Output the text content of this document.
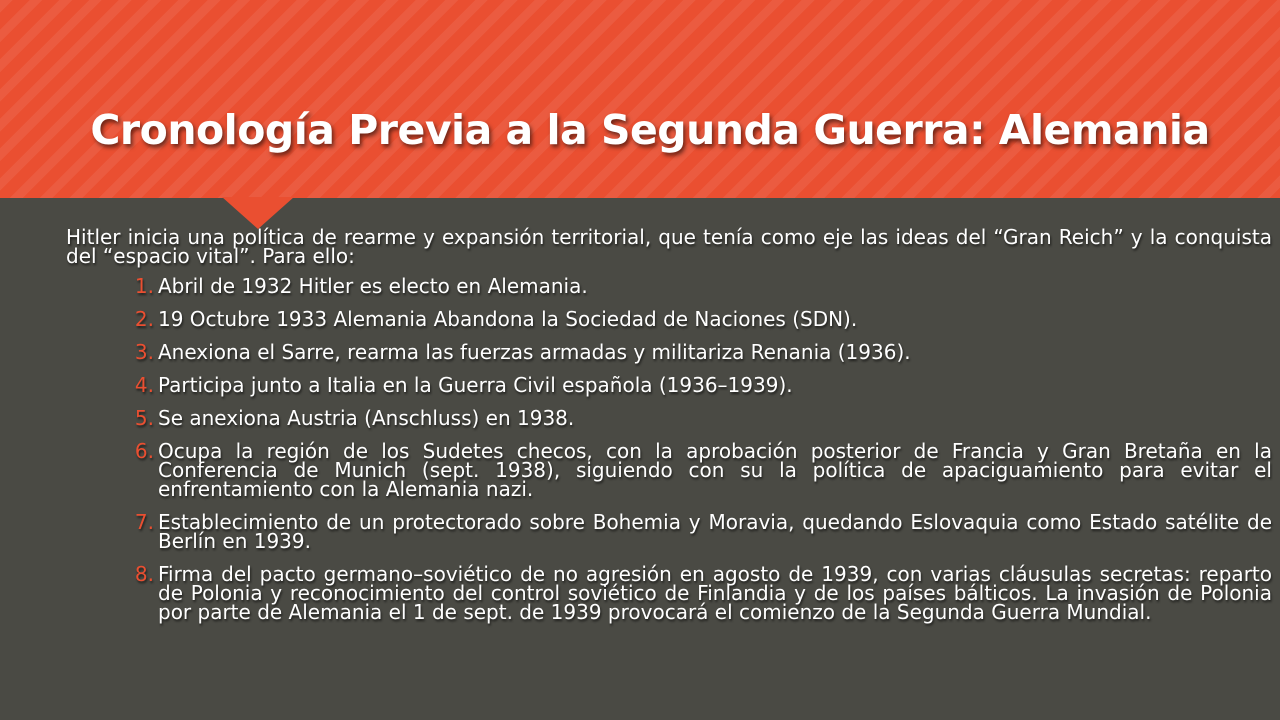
Cronología Previa a la Segunda Guerra: Alemania

Hitler inicia una política de rearme y expansión territorial, que tenía como eje las ideas del “Gran Reich” y la conquista del “espacio vital”. Para ello:

1. Abril de 1932 Hitler es electo en Alemania.
2. 19 Octubre 1933 Alemania Abandona la Sociedad de Naciones (SDN).
3. Anexiona el Sarre, rearma las fuerzas armadas y militariza Renania (1936).
4. Participa junto a Italia en la Guerra Civil española (1936–1939).
5. Se anexiona Austria (Anschluss) en 1938.
6. Ocupa la región de los Sudetes checos, con la aprobación posterior de Francia y Gran Bretaña en la Conferencia de Munich (sept. 1938), siguiendo con su la política de apaciguamiento para evitar el enfrentamiento con la Alemania nazi.
7. Establecimiento de un protectorado sobre Bohemia y Moravia, quedando Eslovaquia como Estado satélite de Berlín en 1939.
8. Firma del pacto germano–soviético de no agresión en agosto de 1939, con varias cláusulas secretas: reparto de Polonia y reconocimiento del control soviético de Finlandia y de los países bálticos. La invasión de Polonia por parte de Alemania el 1 de sept. de 1939 provocará el comienzo de la Segunda Guerra Mundial.
